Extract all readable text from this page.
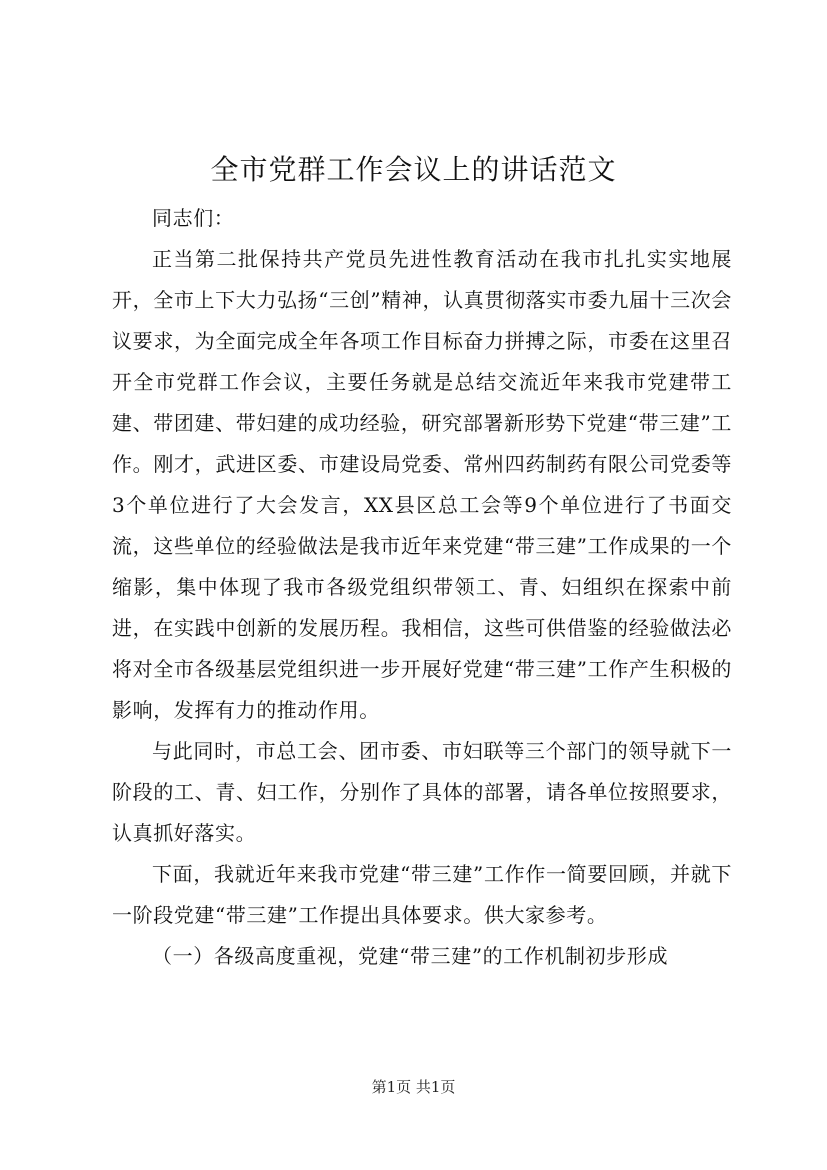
全市党群工作会议上的讲话范文

同志们：

正当第二批保持共产党员先进性教育活动在我市扎扎实实地展开，全市上下大力弘扬“三创”精神，认真贯彻落实市委九届十三次会议要求，为全面完成全年各项工作目标奋力拼搏之际，市委在这里召开全市党群工作会议，主要任务就是总结交流近年来我市党建带工建、带团建、带妇建的成功经验，研究部署新形势下党建“带三建”工作。刚才，武进区委、市建设局党委、常州四药制药有限公司党委等3个单位进行了大会发言，XX县区总工会等9个单位进行了书面交流，这些单位的经验做法是我市近年来党建“带三建”工作成果的一个缩影，集中体现了我市各级党组织带领工、青、妇组织在探索中前进，在实践中创新的发展历程。我相信，这些可供借鉴的经验做法必将对全市各级基层党组织进一步开展好党建“带三建”工作产生积极的影响，发挥有力的推动作用。

与此同时，市总工会、团市委、市妇联等三个部门的领导就下一阶段的工、青、妇工作，分别作了具体的部署，请各单位按照要求，认真抓好落实。

下面，我就近年来我市党建“带三建”工作作一简要回顾，并就下一阶段党建“带三建”工作提出具体要求。供大家参考。

（一）各级高度重视，党建“带三建”的工作机制初步形成

第1页 共1页
